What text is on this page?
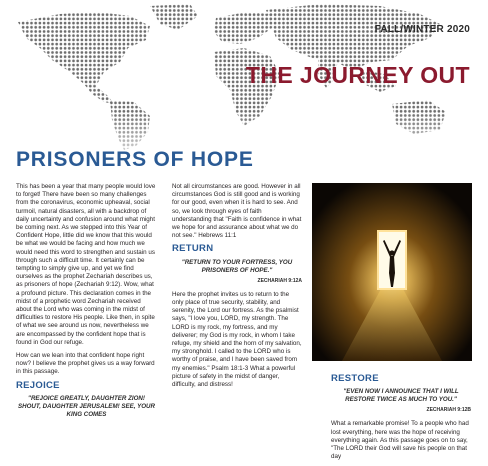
FALL/WINTER 2020
THE JOURNEY OUT
PRISONERS OF HOPE

This has been a year that many people would love to forget! There have been so many challenges from the coronavirus, economic upheaval, social turmoil, natural disasters, all with a backdrop of daily uncertainty and confusion around what might be coming next. As we stepped into this Year of Confident Hope, little did we know that this would be what we would be facing and how much we would need this word to strengthen and sustain us through such a difficult time. It certainly can be tempting to simply give up, and yet we find ourselves as the prophet Zechariah describes us, as prisoners of hope (Zechariah 9:12). Wow, what a profound picture. This declaration comes in the midst of a prophetic word Zechariah received about the Lord who was coming in the midst of difficulties to restore His people. Like then, in spite of what we see around us now, nevertheless we are encompassed by the confident hope that is found in God our refuge.

How can we lean into that confident hope right now? I believe the prophet gives us a way forward in this passage.

REJOICE
"REJOICE GREATLY, DAUGHTER ZION! SHOUT, DAUGHTER JERUSALEM! SEE, YOUR KING COMES

Not all circumstances are good. However in all circumstances God is still good and is working for our good, even when it is hard to see. And so, we look through eyes of faith understanding that "Faith is confidence in what we hope for and assurance about what we do not see." Hebrews 11:1

RETURN
"RETURN TO YOUR FORTRESS, YOU PRISONERS OF HOPE."
ZECHARIAH 9:12A

Here the prophet invites us to return to the only place of true security, stability, and serenity, the Lord our fortress. As the psalmist says, "I love you, LORD, my strength. The LORD is my rock, my fortress, and my deliverer; my God is my rock, in whom I take refuge, my shield and the horn of my salvation, my stronghold. I called to the LORD who is worthy of praise, and I have been saved from my enemies." Psalm 18:1-3 What a powerful picture of safety in the midst of danger, difficulty, and distress!

RESTORE
"EVEN NOW I ANNOUNCE THAT I WILL RESTORE TWICE AS MUCH TO YOU."
ZECHARIAH 9:12B

What a remarkable promise! To a people who had lost everything, here was the hope of receiving everything again. As this passage goes on to say, "The LORD their God will save his people on that day
